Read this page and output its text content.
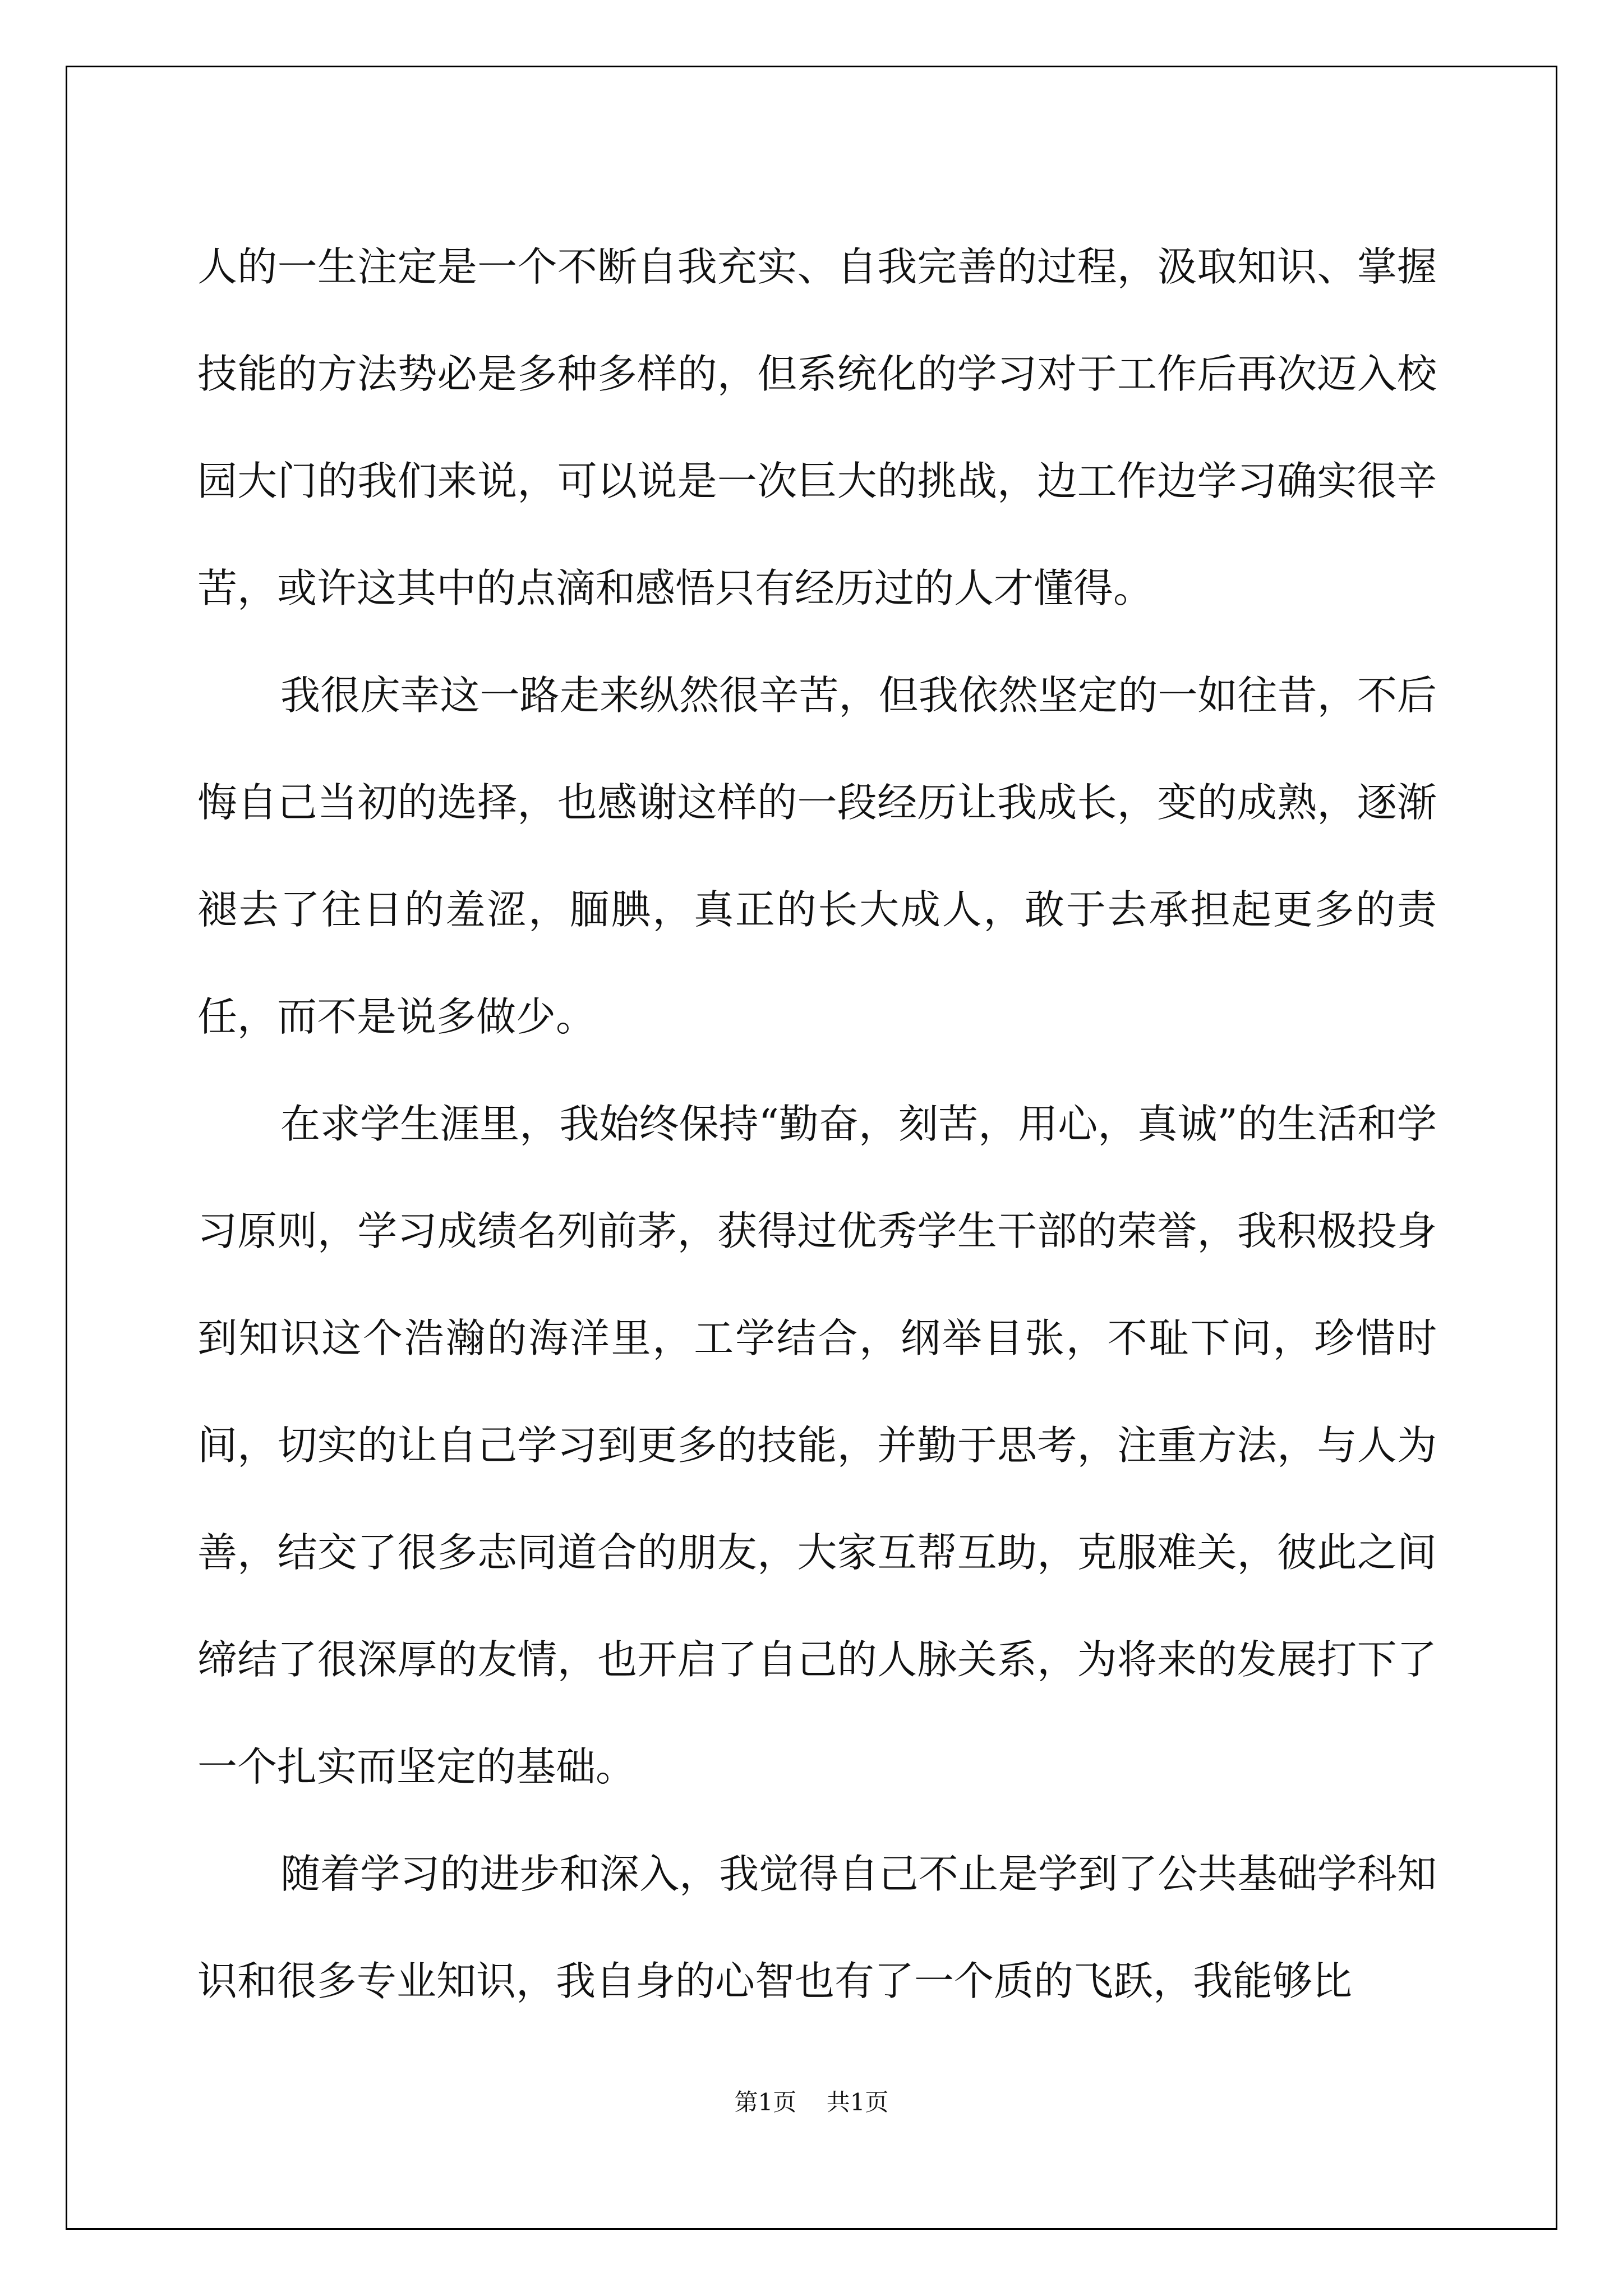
人的一生注定是一个不断自我充实、自我完善的过程，汲取知识、掌握技能的方法势必是多种多样的，但系统化的学习对于工作后再次迈入校园大门的我们来说，可以说是一次巨大的挑战，边工作边学习确实很辛苦，或许这其中的点滴和感悟只有经历过的人才懂得。

我很庆幸这一路走来纵然很辛苦，但我依然坚定的一如往昔，不后悔自己当初的选择，也感谢这样的一段经历让我成长，变的成熟，逐渐褪去了往日的羞涩，腼腆，真正的长大成人，敢于去承担起更多的责任，而不是说多做少。

在求学生涯里，我始终保持“勤奋，刻苦，用心，真诚”的生活和学习原则，学习成绩名列前茅，获得过优秀学生干部的荣誉，我积极投身到知识这个浩瀚的海洋里，工学结合，纲举目张，不耻下问，珍惜时间，切实的让自己学习到更多的技能，并勤于思考，注重方法，与人为善，结交了很多志同道合的朋友，大家互帮互助，克服难关，彼此之间缔结了很深厚的友情，也开启了自己的人脉关系，为将来的发展打下了一个扎实而坚定的基础。

随着学习的进步和深入，我觉得自己不止是学到了公共基础学科知识和很多专业知识，我自身的心智也有了一个质的飞跃，我能够比

第1页 共1页
